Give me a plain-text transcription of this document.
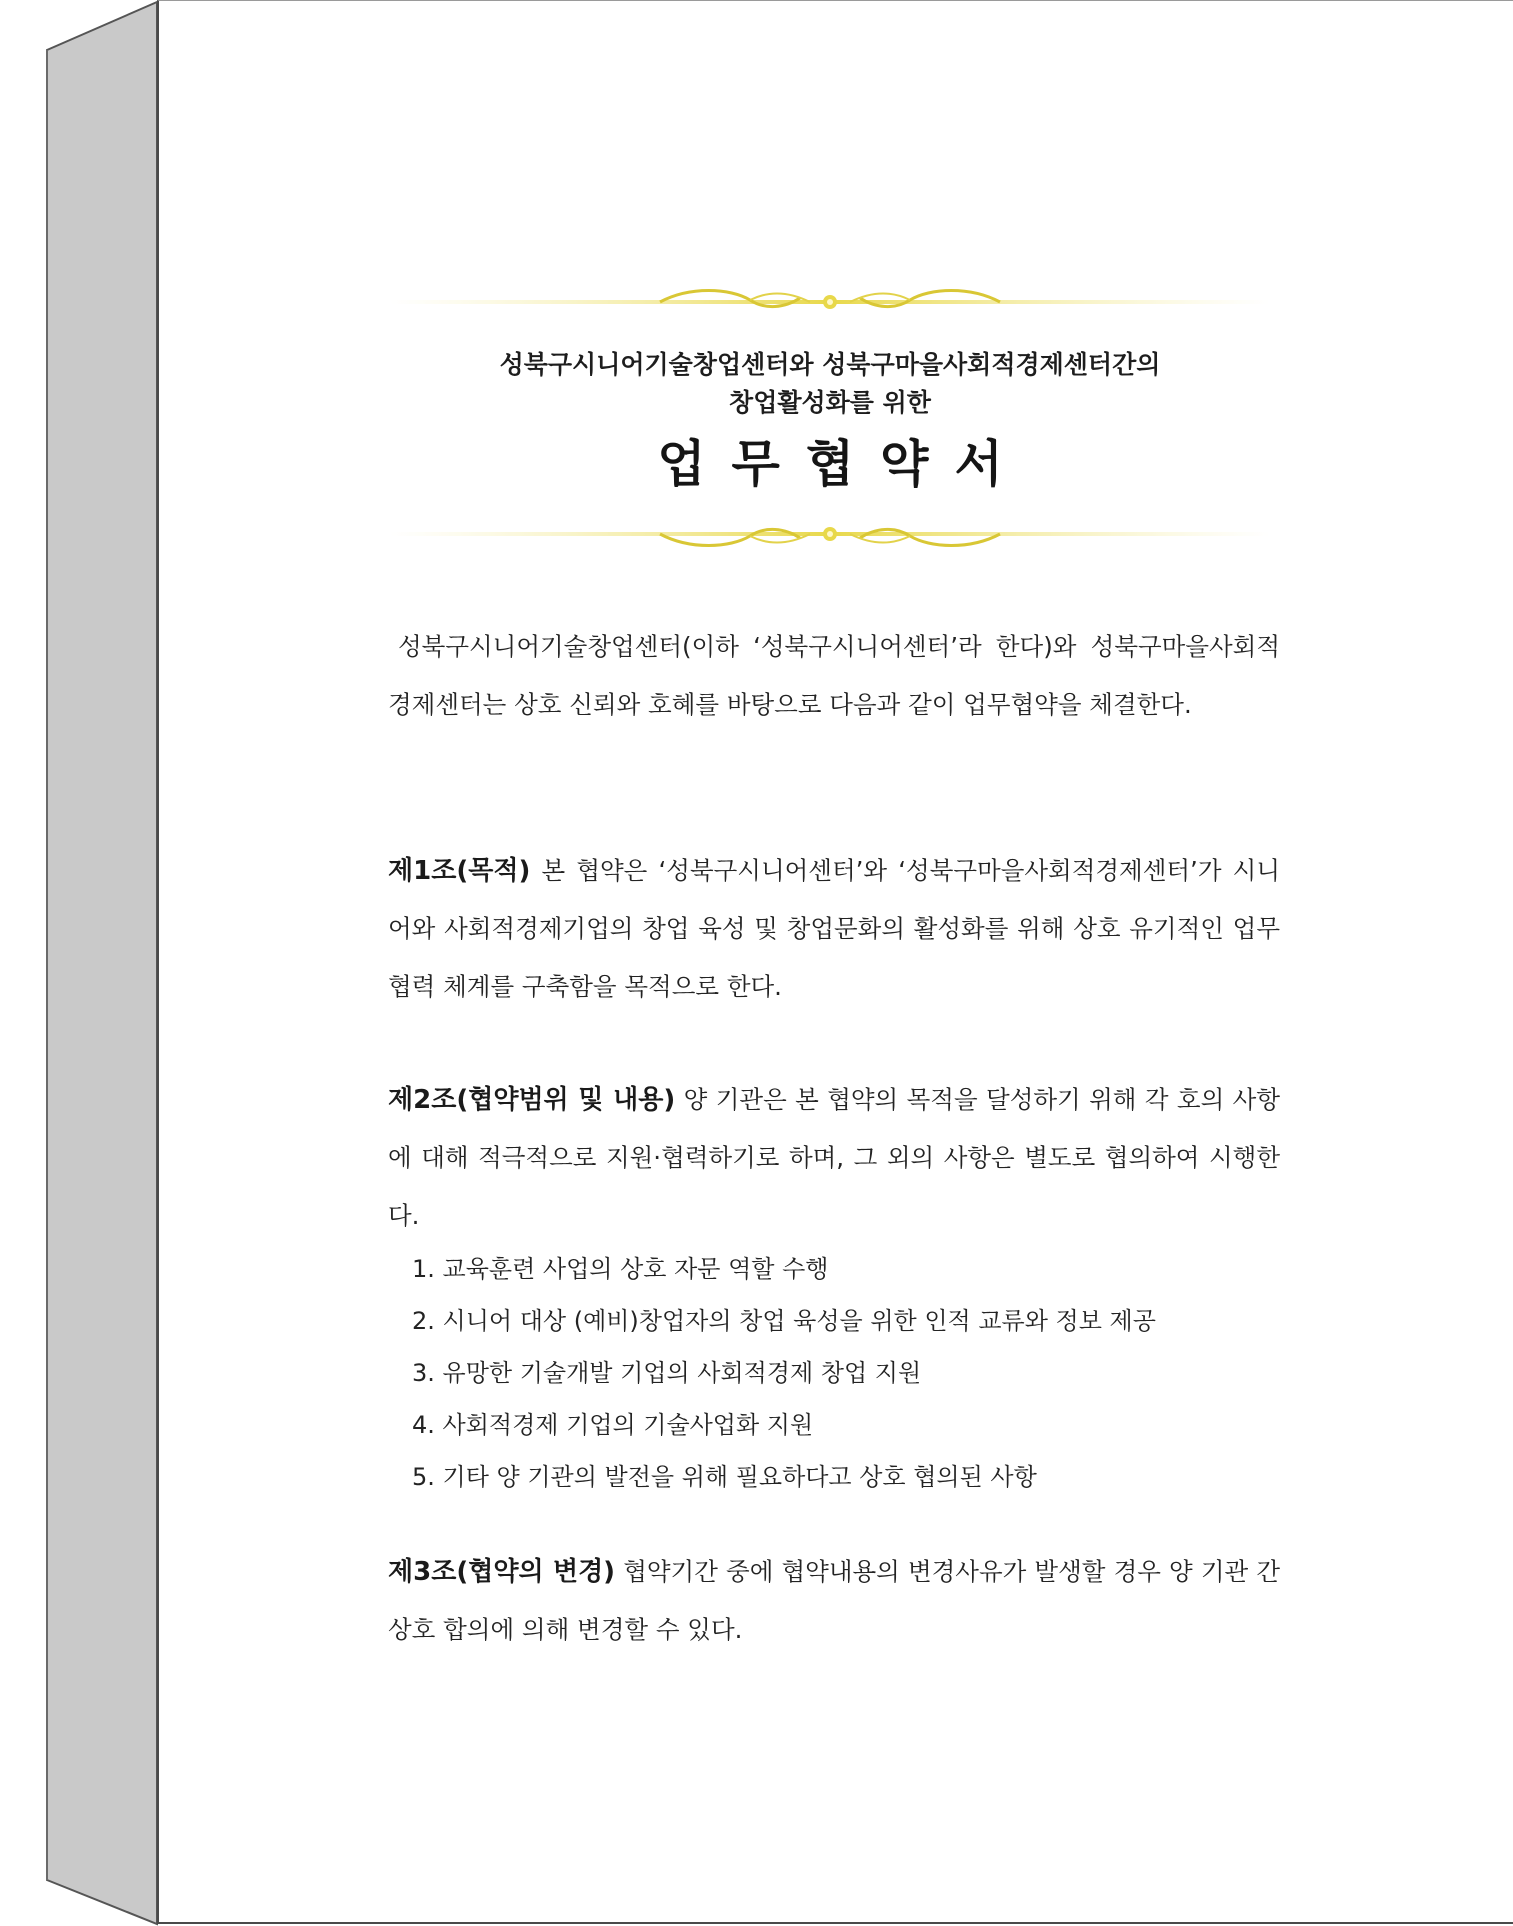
성북구시니어기술창업센터와 성북구마을사회적경제센터간의

창업활성화를 위한

업무협약서

성북구시니어기술창업센터(이하 ‘성북구시니어센터’라 한다)와 성북구마을사회적경제센터는 상호 신뢰와 호혜를 바탕으로 다음과 같이 업무협약을 체결한다.

제1조(목적) 본 협약은 ‘성북구시니어센터’와 ‘성북구마을사회적경제센터’가 시니어와 사회적경제기업의 창업 육성 및 창업문화의 활성화를 위해 상호 유기적인 업무협력 체계를 구축함을 목적으로 한다.

제2조(협약범위 및 내용) 양 기관은 본 협약의 목적을 달성하기 위해 각 호의 사항에 대해 적극적으로 지원·협력하기로 하며, 그 외의 사항은 별도로 협의하여 시행한다.

1. 교육훈련 사업의 상호 자문 역할 수행
2. 시니어 대상 (예비)창업자의 창업 육성을 위한 인적 교류와 정보 제공
3. 유망한 기술개발 기업의 사회적경제 창업 지원
4. 사회적경제 기업의 기술사업화 지원
5. 기타 양 기관의 발전을 위해 필요하다고 상호 협의된 사항

제3조(협약의 변경) 협약기간 중에 협약내용의 변경사유가 발생할 경우 양 기관 간 상호 합의에 의해 변경할 수 있다.
